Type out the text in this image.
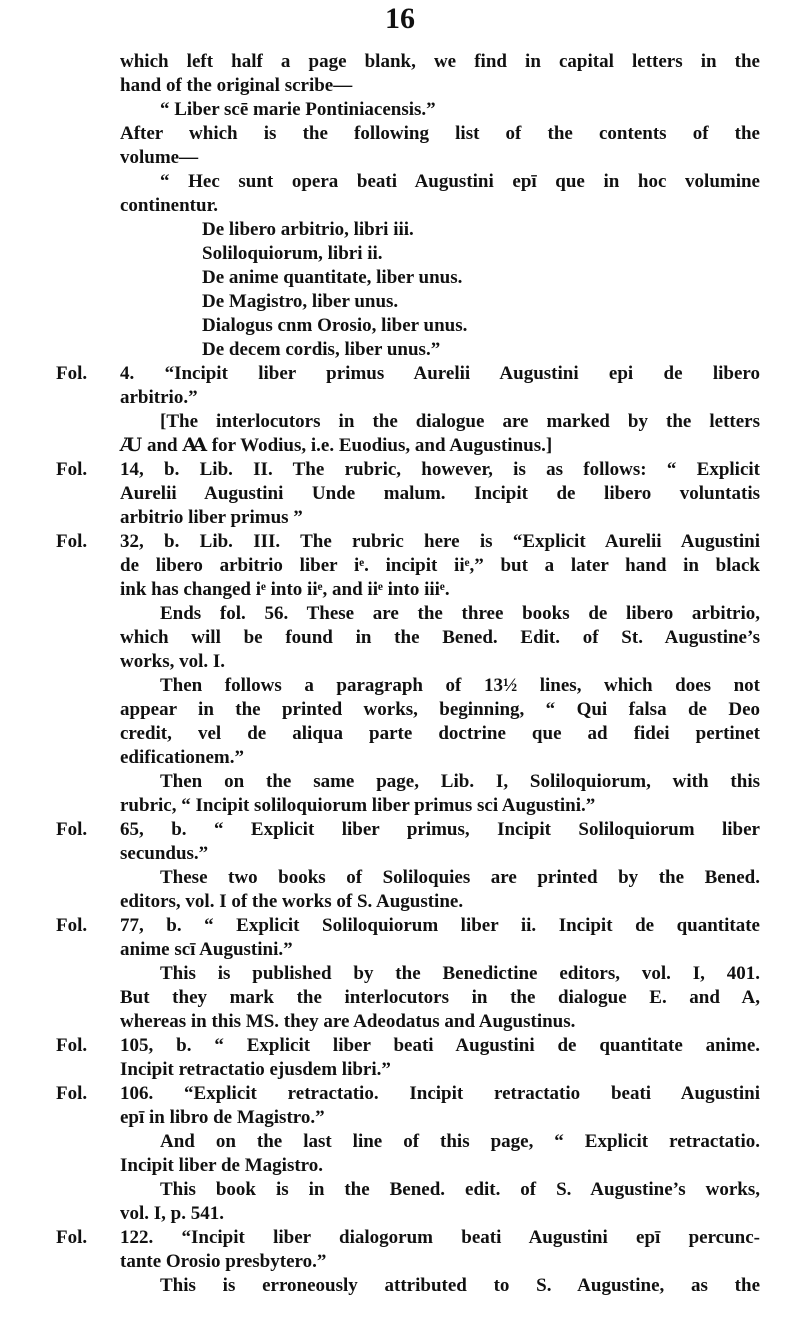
16
which left half a page blank, we find in capital letters in the
hand of the original scribe—
“ Liber scē marie Pontiniacensis.”
After which is the following list of the contents of the
volume—
“ Hec sunt opera beati Augustini epī que in hoc volumine
continentur.
De libero arbitrio, libri iii.
Soliloquiorum, libri ii.
De anime quantitate, liber unus.
De Magistro, liber unus.
Dialogus cnm Orosio, liber unus.
De decem cordis, liber unus.”
Fol. 4. “Incipit liber primus Aurelii Augustini epi de libero
arbitrio.”
[The interlocutors in the dialogue are marked by the letters
Ꜷ and Ꜳ for Wodius, i.e. Euodius, and Augustinus.]
Fol. 14, b. Lib. II. The rubric, however, is as follows: “ Explicit
Aurelii Augustini Unde malum. Incipit de libero voluntatis
arbitrio liber primus ”
Fol. 32, b. Lib. III. The rubric here is “Explicit Aurelii Augustini
de libero arbitrio liber iᵉ. incipit iiᵉ,” but a later hand in black
ink has changed iᵉ into iiᵉ, and iiᵉ into iiiᵉ.
Ends fol. 56. These are the three books de libero arbitrio,
which will be found in the Bened. Edit. of St. Augustine’s
works, vol. I.
Then follows a paragraph of 13½ lines, which does not
appear in the printed works, beginning, “ Qui falsa de Deo
credit, vel de aliqua parte doctrine que ad fidei pertinet
edificationem.”
Then on the same page, Lib. I, Soliloquiorum, with this
rubric, “ Incipit soliloquiorum liber primus sci Augustini.”
Fol. 65, b. “ Explicit liber primus, Incipit Soliloquiorum liber
secundus.”
These two books of Soliloquies are printed by the Bened.
editors, vol. I of the works of S. Augustine.
Fol. 77, b. “ Explicit Soliloquiorum liber ii. Incipit de quantitate
anime scī Augustini.”
This is published by the Benedictine editors, vol. I, 401.
But they mark the interlocutors in the dialogue E. and A,
whereas in this MS. they are Adeodatus and Augustinus.
Fol. 105, b. “ Explicit liber beati Augustini de quantitate anime.
Incipit retractatio ejusdem libri.”
Fol. 106. “Explicit retractatio. Incipit retractatio beati Augustini
epī in libro de Magistro.”
And on the last line of this page, “ Explicit retractatio.
Incipit liber de Magistro.
This book is in the Bened. edit. of S. Augustine’s works,
vol. I, p. 541.
Fol. 122. “Incipit liber dialogorum beati Augustini epī percunc-
tante Orosio presbytero.”
This is erroneously attributed to S. Augustine, as the
